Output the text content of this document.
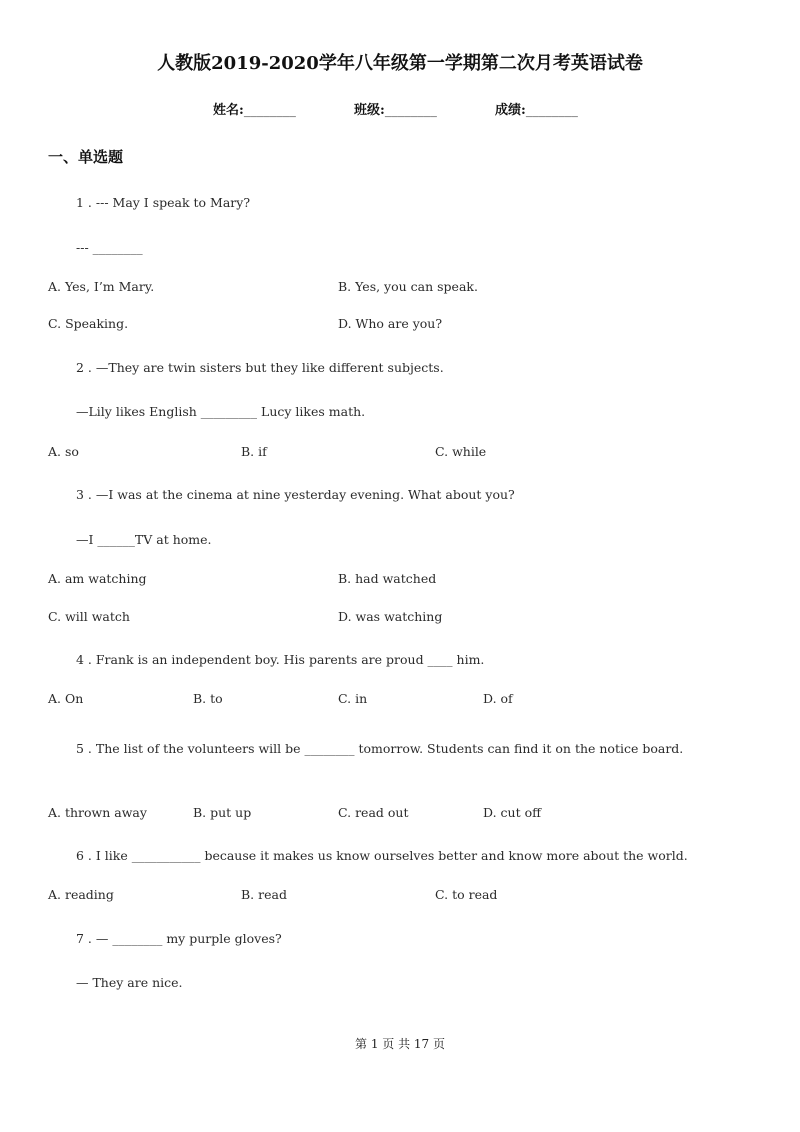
人教版2019-2020学年八年级第一学期第二次月考英语试卷
姓名:________	班级:________	成绩:________
一、单选题
1 . --- May I speak to Mary?
--- ________
A. Yes, I’m Mary.	B. Yes, you can speak.
C. Speaking.	D. Who are you?
2 . —They are twin sisters but they like different subjects.
—Lily likes English _________ Lucy likes math.
A. so	B. if	C. while
3 . —I was at the cinema at nine yesterday evening. What about you?
—I ______TV at home.
A. am watching	B. had watched
C. will watch	D. was watching
4 . Frank is an independent boy. His parents are proud ____ him.
A. On	B. to	C. in	D. of
5 . The list of the volunteers will be ________ tomorrow. Students can find it on the notice board.
A. thrown away	B. put up	C. read out	D. cut off
6 . I like ___________ because it makes us know ourselves better and know more about the world.
A. reading	B. read	C. to read
7 . — ________ my purple gloves?
— They are nice.
第 1 页 共 17 页
